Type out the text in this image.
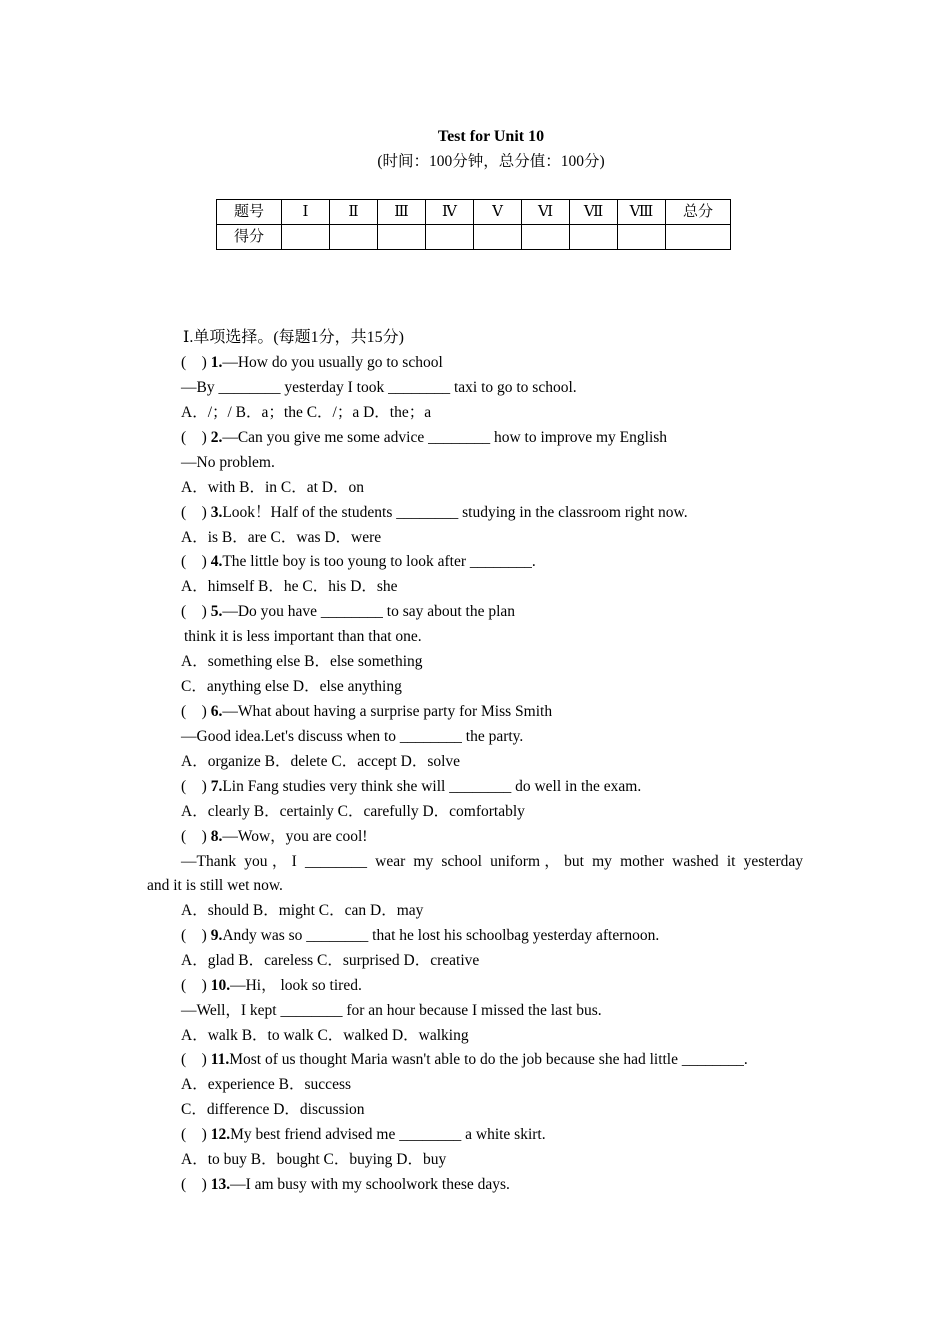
Test for Unit 10
(时间：100分钟，总分值：100分)
题号	Ⅰ	Ⅱ	Ⅲ	Ⅳ	Ⅴ	Ⅵ	Ⅶ	Ⅷ	总分
得分									
Ⅰ.单项选择。(每题1分，共15分)
(　) 1.—How do you usually go to school
—By ________ yesterday I took ________ taxi to go to school.
A．/；/ B．a；the C．/；a D．the；a
(　) 2.—Can you give me some advice ________ how to improve my English
—No problem.
A．with B．in C．at D．on
(　) 3.Look！Half of the students ________ studying in the classroom right now.
A．is B．are C．was D．were
(　) 4.The little boy is too young to look after ________.
A．himself B．he C．his D．she
(　) 5.—Do you have ________ to say about the plan
think it is less important than that one.
A．something else B．else something
C．anything else D．else anything
(　) 6.—What about having a surprise party for Miss Smith
—Good idea.Let's discuss when to ________ the party.
A．organize B．delete C．accept D．solve
(　) 7.Lin Fang studies very think she will ________ do well in the exam.
A．clearly B．certainly C．carefully D．comfortably
(　) 8.—Wow，you are cool!
—Thank you，I ________ wear my school uniform，but my mother washed it yesterday
and it is still wet now.
A．should B．might C．can D．may
(　) 9.Andy was so ________ that he lost his schoolbag yesterday afternoon.
A．glad B．careless C．surprised D．creative
(　) 10.—Hi， look so tired.
—Well，I kept ________ for an hour because I missed the last bus.
A．walk B．to walk C．walked D．walking
(　) 11.Most of us thought Maria wasn't able to do the job because she had little ________.
A．experience B．success
C．difference D．discussion
(　) 12.My best friend advised me ________ a white skirt.
A．to buy B．bought C．buying D．buy
(　) 13.—I am busy with my schoolwork these days.
